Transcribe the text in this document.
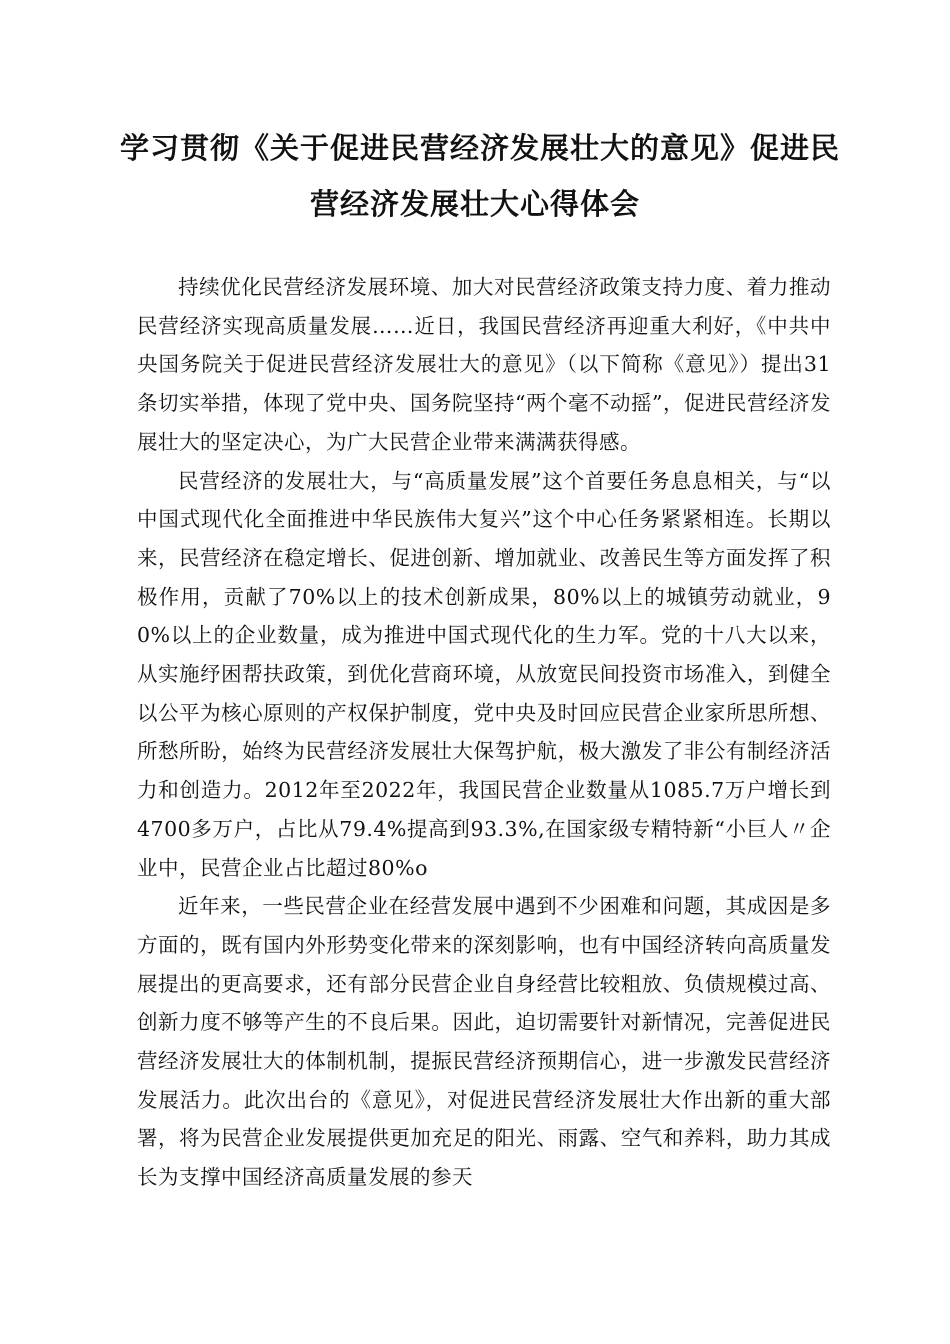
学习贯彻《关于促进民营经济发展壮大的意见》促进民
营经济发展壮大心得体会

持续优化民营经济发展环境、加大对民营经济政策支持力度、着力推动民营经济实现高质量发展……近日，我国民营经济再迎重大利好，《中共中央国务院关于促进民营经济发展壮大的意见》（以下简称《意见》）提出31条切实举措，体现了党中央、国务院坚持“两个毫不动摇”，促进民营经济发展壮大的坚定决心，为广大民营企业带来满满获得感。

民营经济的发展壮大，与“高质量发展”这个首要任务息息相关，与“以中国式现代化全面推进中华民族伟大复兴”这个中心任务紧紧相连。长期以来，民营经济在稳定增长、促进创新、增加就业、改善民生等方面发挥了积极作用，贡献了70%以上的技术创新成果，80%以上的城镇劳动就业，90%以上的企业数量，成为推进中国式现代化的生力军。党的十八大以来，从实施纾困帮扶政策，到优化营商环境，从放宽民间投资市场准入，到健全以公平为核心原则的产权保护制度，党中央及时回应民营企业家所思所想、所愁所盼，始终为民营经济发展壮大保驾护航，极大激发了非公有制经济活力和创造力。2012年至2022年，我国民营企业数量从1085.7万户增长到4700多万户，占比从79.4%提高到93.3%,在国家级专精特新“小巨人〃企业中，民营企业占比超过80%o

近年来，一些民营企业在经营发展中遇到不少困难和问题，其成因是多方面的，既有国内外形势变化带来的深刻影响，也有中国经济转向高质量发展提出的更高要求，还有部分民营企业自身经营比较粗放、负债规模过高、创新力度不够等产生的不良后果。因此，迫切需要针对新情况，完善促进民营经济发展壮大的体制机制，提振民营经济预期信心，进一步激发民营经济发展活力。此次出台的《意见》，对促进民营经济发展壮大作出新的重大部署，将为民营企业发展提供更加充足的阳光、雨露、空气和养料，助力其成长为支撑中国经济高质量发展的参天
